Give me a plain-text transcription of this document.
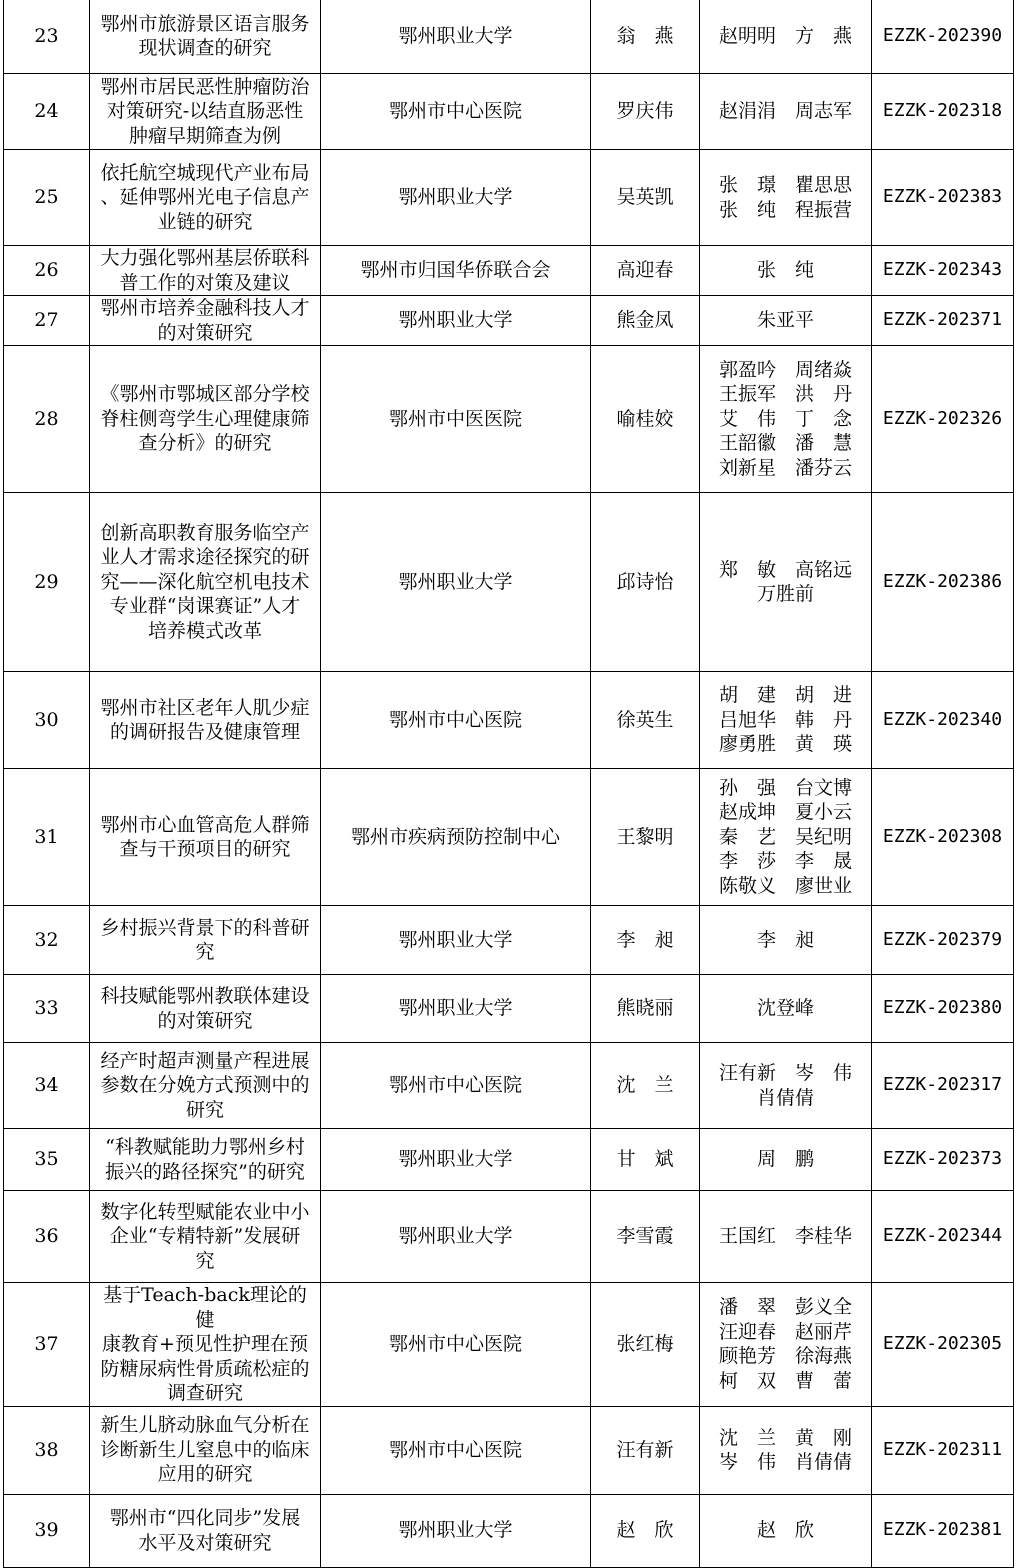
23	鄂州市旅游景区语言服务
现状调查的研究	鄂州职业大学	翁　燕	赵明明　方　燕	EZZK-202390
24	鄂州市居民恶性肿瘤防治
对策研究-以结直肠恶性
肿瘤早期筛查为例	鄂州市中心医院	罗庆伟	赵涓涓　周志军	EZZK-202318
25	依托航空城现代产业布局
、延伸鄂州光电子信息产
业链的研究	鄂州职业大学	吴英凯	张　璟　瞿思思
张　纯　程振营	EZZK-202383
26	大力强化鄂州基层侨联科
普工作的对策及建议	鄂州市归国华侨联合会	高迎春	张　纯	EZZK-202343
27	鄂州市培养金融科技人才
的对策研究	鄂州职业大学	熊金凤	朱亚平	EZZK-202371
28	《鄂州市鄂城区部分学校
脊柱侧弯学生心理健康筛
查分析》的研究	鄂州市中医医院	喻桂姣	郭盈吟　周绪焱
王振军　洪　丹
艾　伟　丁　念
王韶徽　潘　慧
刘新星　潘芬云	EZZK-202326
29	创新高职教育服务临空产
业人才需求途径探究的研
究——深化航空机电技术
专业群“岗课赛证”人才
培养模式改革	鄂州职业大学	邱诗怡	郑　敏　高铭远
万胜前	EZZK-202386
30	鄂州市社区老年人肌少症
的调研报告及健康管理	鄂州市中心医院	徐英生	胡　建　胡　进
吕旭华　韩　丹
廖勇胜　黄　瑛	EZZK-202340
31	鄂州市心血管高危人群筛
查与干预项目的研究	鄂州市疾病预防控制中心	王黎明	孙　强　台文博
赵成坤　夏小云
秦　艺　吴纪明
李　莎　李　晟
陈敬义　廖世业	EZZK-202308
32	乡村振兴背景下的科普研
究	鄂州职业大学	李　昶	李　昶	EZZK-202379
33	科技赋能鄂州教联体建设
的对策研究	鄂州职业大学	熊晓丽	沈登峰	EZZK-202380
34	经产时超声测量产程进展
参数在分娩方式预测中的
研究	鄂州市中心医院	沈　兰	汪有新　岑　伟
肖倩倩	EZZK-202317
35	“科教赋能助力鄂州乡村
振兴的路径探究”的研究	鄂州职业大学	甘　斌	周　鹏	EZZK-202373
36	数字化转型赋能农业中小
企业“专精特新”发展研
究	鄂州职业大学	李雪霞	王国红　李桂华	EZZK-202344
37	基于Teach-back理论的健
康教育+预见性护理在预
防糖尿病性骨质疏松症的
调查研究	鄂州市中心医院	张红梅	潘　翠　彭义全
汪迎春　赵丽芹
顾艳芳　徐海燕
柯　双　曹　蕾	EZZK-202305
38	新生儿脐动脉血气分析在
诊断新生儿窒息中的临床
应用的研究	鄂州市中心医院	汪有新	沈　兰　黄　刚
岑　伟　肖倩倩	EZZK-202311
39	鄂州市“四化同步”发展
水平及对策研究	鄂州职业大学	赵　欣	赵　欣	EZZK-202381
